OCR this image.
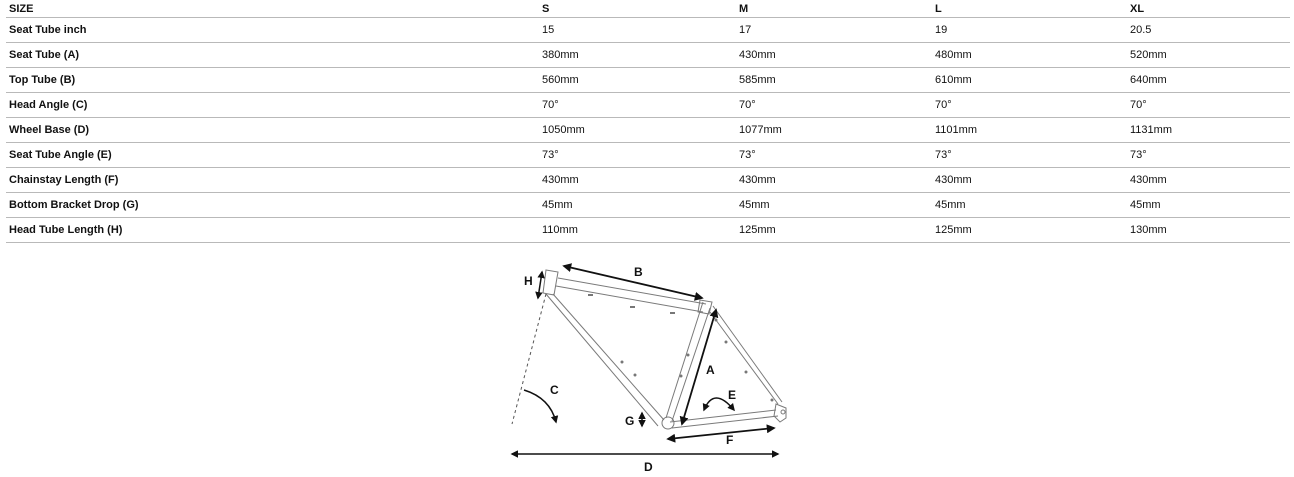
SIZE	S	M	L	XL
Seat Tube inch	15	17	19	20.5
Seat Tube (A)	380mm	430mm	480mm	520mm
Top Tube (B)	560mm	585mm	610mm	640mm
Head Angle (C)	70°	70°	70°	70°
Wheel Base (D)	1050mm	1077mm	1101mm	1131mm
Seat Tube Angle (E)	73°	73°	73°	73°
Chainstay Length (F)	430mm	430mm	430mm	430mm
Bottom Bracket Drop (G)	45mm	45mm	45mm	45mm
Head Tube Length (H)	110mm	125mm	125mm	130mm
B
H
A
C	E
G
F
D
